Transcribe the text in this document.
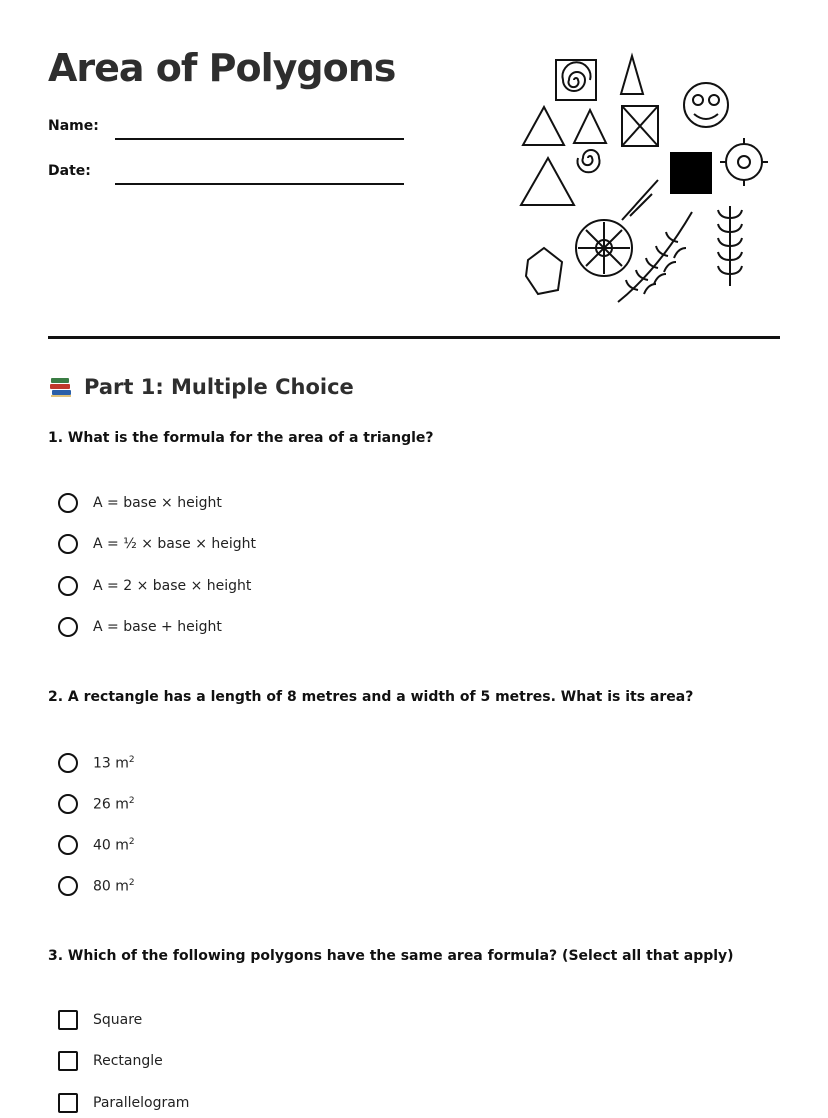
Area of Polygons
Name:
Date:
Part 1: Multiple Choice

1. What is the formula for the area of a triangle?

A = base × height
A = ½ × base × height
A = 2 × base × height
A = base + height

2. A rectangle has a length of 8 metres and a width of 5 metres. What is its area?

13 $m^2$
26 $m^2$
40 $m^2$
80 $m^2$

3. Which of the following polygons have the same area formula? (Select all that apply)

Square
Rectangle
Parallelogram
